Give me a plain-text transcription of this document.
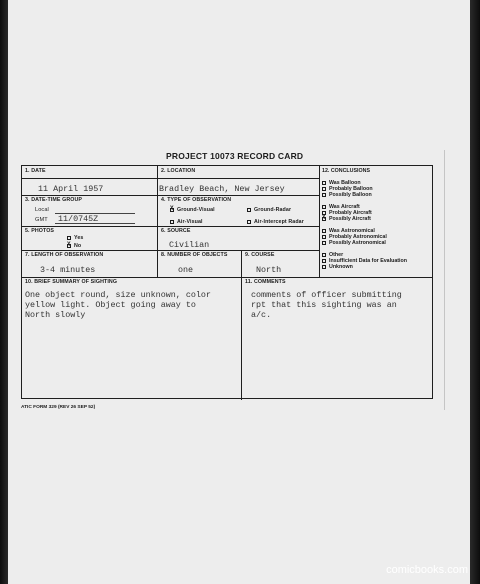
PROJECT 10073 RECORD CARD
1. DATE
11 April 1957
2. LOCATION
Bradley Beach, New Jersey
3. DATE-TIME GROUP
Local
GMT 11/0745Z
4. TYPE OF OBSERVATION
Ground-Visual
X	Ground-Radar
Air-Visual	Air-Intercept Radar
5. PHOTOS
Yes
No
X
6. SOURCE
Civilian
7. LENGTH OF OBSERVATION
3-4 minutes
8. NUMBER OF OBJECTS
one
9. COURSE
North
10. BRIEF SUMMARY OF SIGHTING
One object round, size unknown, color
yellow light. Object going away to
North slowly
11. COMMENTS
comments of officer submitting
rpt that this sighting was an
a/c.
12. CONCLUSIONS
Was Balloon
Probably Balloon
Possibly Balloon
Was Aircraft
Probably Aircraft
Possibly Aircraft
X
Was Astronomical
Probably Astronomical
Possibly Astronomical
Other
Insufficient Data for Evaluation
Unknown
ATIC FORM 329 (REV 26 SEP 52)
comicbooks.com
